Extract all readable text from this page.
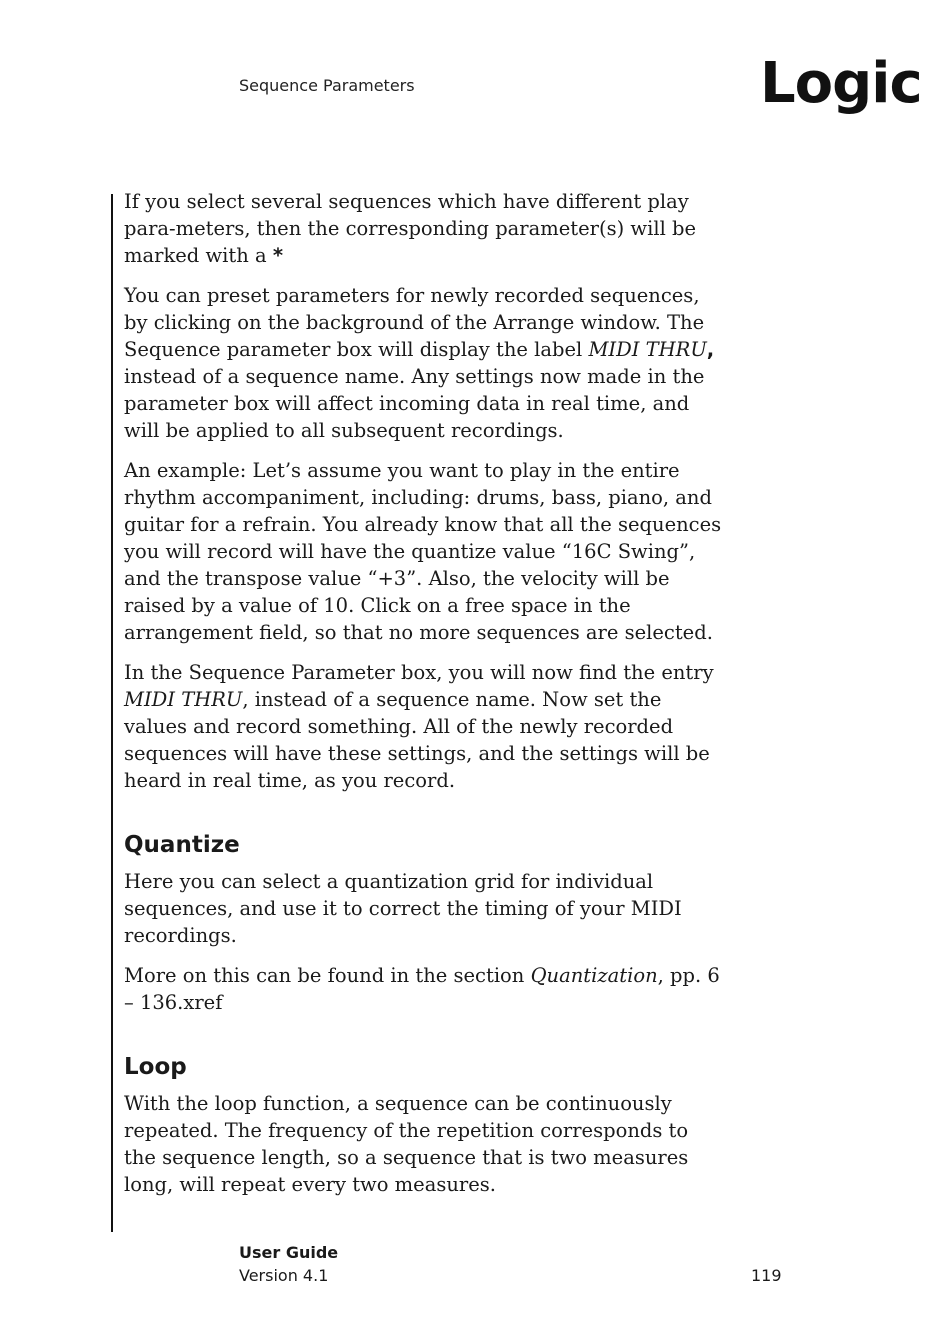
Sequence Parameters	Logic

If you select several sequences which have different play para-meters, then the corresponding parameter(s) will be marked with a *

You can preset parameters for newly recorded sequences, by clicking on the background of the Arrange window. The Sequence parameter box will display the label MIDI THRU, instead of a sequence name. Any settings now made in the parameter box will affect incoming data in real time, and will be applied to all subsequent recordings.

An example: Let’s assume you want to play in the entire rhythm accompaniment, including: drums, bass, piano, and guitar for a refrain. You already know that all the sequences you will record will have the quantize value “16C Swing”, and the transpose value “+3”. Also, the velocity will be raised by a value of 10. Click on a free space in the arrangement field, so that no more sequences are selected.

In the Sequence Parameter box, you will now find the entry MIDI THRU, instead of a sequence name. Now set the values and record something. All of the newly recorded sequences will have these settings, and the settings will be heard in real time, as you record.

Quantize

Here you can select a quantization grid for individual sequences, and use it to correct the timing of your MIDI recordings.

More on this can be found in the section Quantization, pp. 6 – 136.xref

Loop

With the loop function, a sequence can be continuously repeated. The frequency of the repetition corresponds to the sequence length, so a sequence that is two measures long, will repeat every two measures.

User Guide
Version 4.1	119
